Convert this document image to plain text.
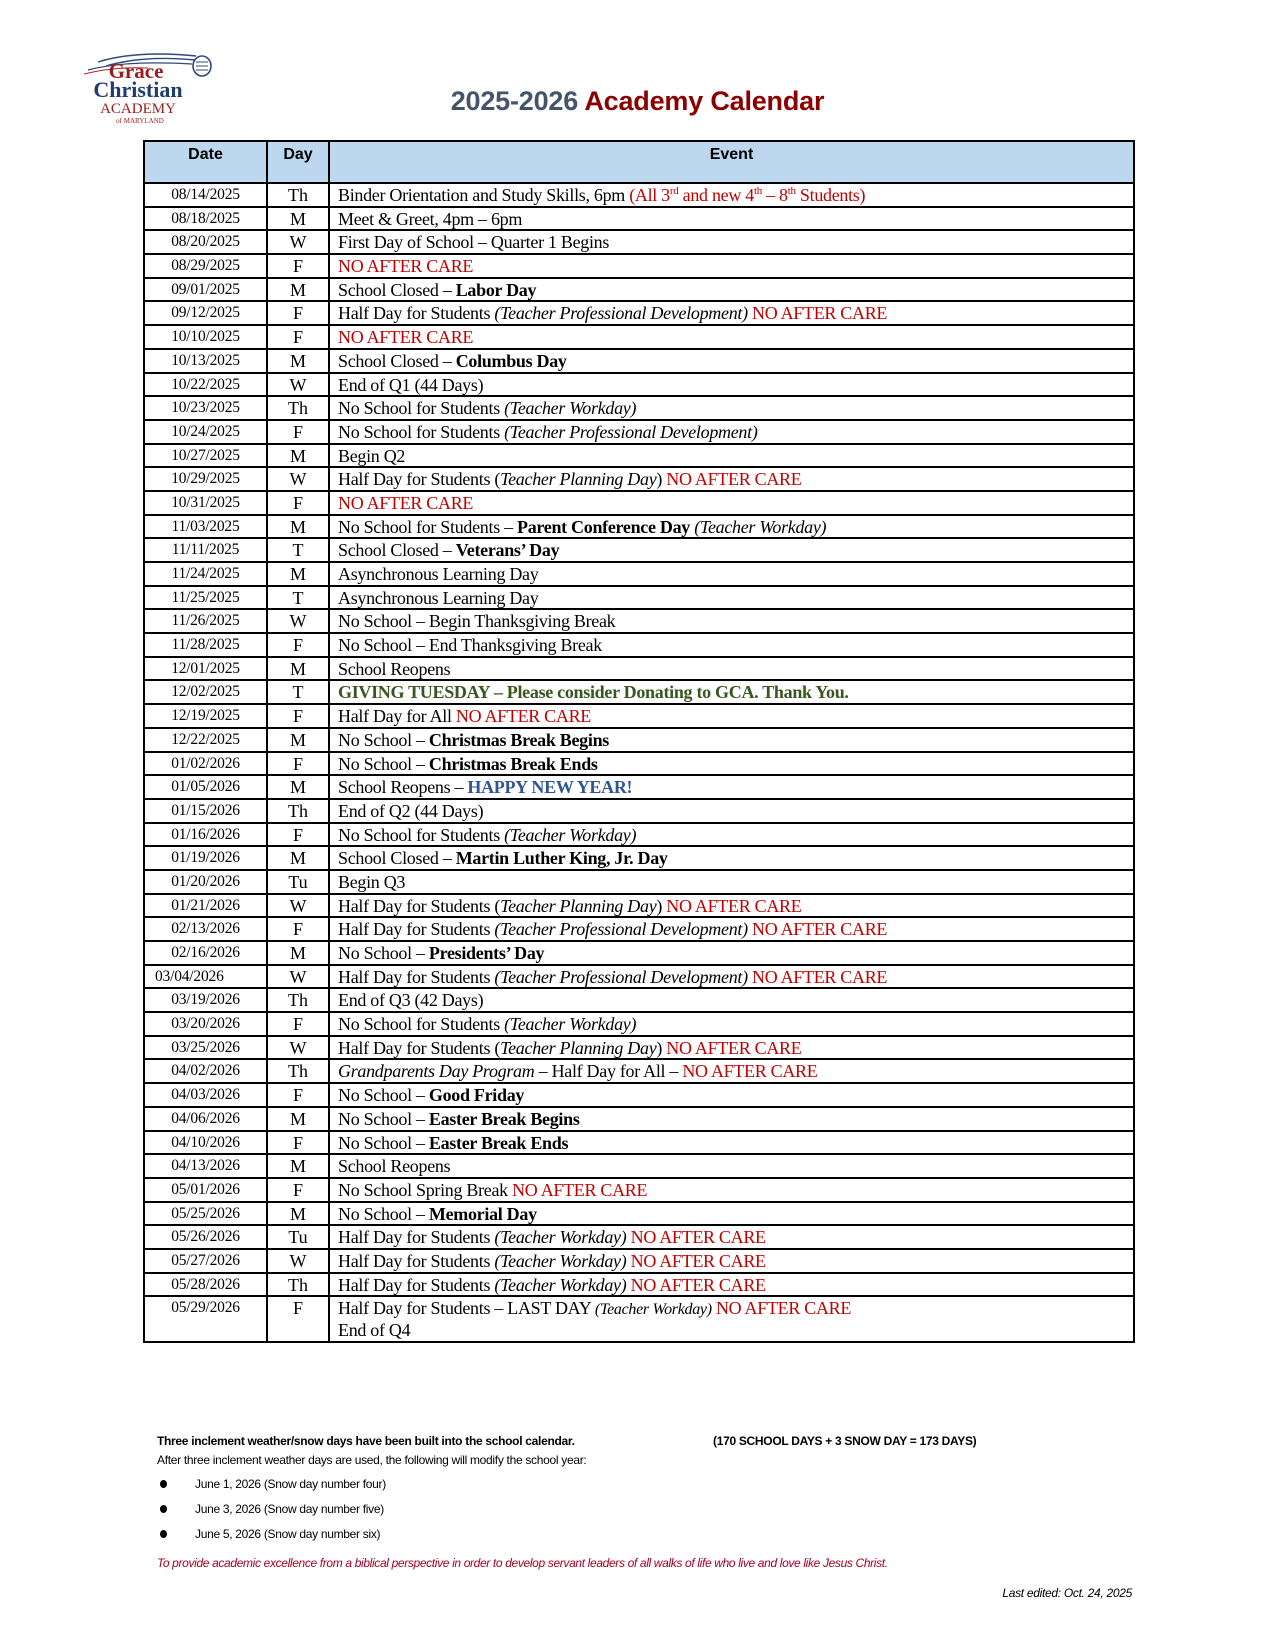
Grace
Christian
ACADEMY
of MARYLAND
2025-2026 Academy Calendar
Date	Day	Event
08/14/2025	Th	Binder Orientation and Study Skills, 6pm (All 3rd and new 4th – 8th Students)
08/18/2025	M	Meet & Greet, 4pm – 6pm
08/20/2025	W	First Day of School – Quarter 1 Begins
08/29/2025	F	NO AFTER CARE
09/01/2025	M	School Closed – Labor Day
09/12/2025	F	Half Day for Students (Teacher Professional Development) NO AFTER CARE
10/10/2025	F	NO AFTER CARE
10/13/2025	M	School Closed – Columbus Day
10/22/2025	W	End of Q1 (44 Days)
10/23/2025	Th	No School for Students (Teacher Workday)
10/24/2025	F	No School for Students (Teacher Professional Development)
10/27/2025	M	Begin Q2
10/29/2025	W	Half Day for Students (Teacher Planning Day) NO AFTER CARE
10/31/2025	F	NO AFTER CARE
11/03/2025	M	No School for Students – Parent Conference Day (Teacher Workday)
11/11/2025	T	School Closed – Veterans’ Day
11/24/2025	M	Asynchronous Learning Day
11/25/2025	T	Asynchronous Learning Day
11/26/2025	W	No School – Begin Thanksgiving Break
11/28/2025	F	No School – End Thanksgiving Break
12/01/2025	M	School Reopens
12/02/2025	T	GIVING TUESDAY – Please consider Donating to GCA. Thank You.
12/19/2025	F	Half Day for All NO AFTER CARE
12/22/2025	M	No School – Christmas Break Begins
01/02/2026	F	No School – Christmas Break Ends
01/05/2026	M	School Reopens – HAPPY NEW YEAR!
01/15/2026	Th	End of Q2 (44 Days)
01/16/2026	F	No School for Students (Teacher Workday)
01/19/2026	M	School Closed – Martin Luther King, Jr. Day
01/20/2026	Tu	Begin Q3
01/21/2026	W	Half Day for Students (Teacher Planning Day) NO AFTER CARE
02/13/2026	F	Half Day for Students (Teacher Professional Development) NO AFTER CARE
02/16/2026	M	No School – Presidents’ Day
03/04/2026	W	Half Day for Students (Teacher Professional Development) NO AFTER CARE
03/19/2026	Th	End of Q3 (42 Days)
03/20/2026	F	No School for Students (Teacher Workday)
03/25/2026	W	Half Day for Students (Teacher Planning Day) NO AFTER CARE
04/02/2026	Th	Grandparents Day Program – Half Day for All – NO AFTER CARE
04/03/2026	F	No School – Good Friday
04/06/2026	M	No School – Easter Break Begins
04/10/2026	F	No School – Easter Break Ends
04/13/2026	M	School Reopens
05/01/2026	F	No School Spring Break NO AFTER CARE
05/25/2026	M	No School – Memorial Day
05/26/2026	Tu	Half Day for Students (Teacher Workday) NO AFTER CARE
05/27/2026	W	Half Day for Students (Teacher Workday) NO AFTER CARE
05/28/2026	Th	Half Day for Students (Teacher Workday) NO AFTER CARE
05/29/2026	F	Half Day for Students – LAST DAY (Teacher Workday) NO AFTER CARE
End of Q4
Three inclement weather/snow days have been built into the school calendar.	(170 SCHOOL DAYS + 3 SNOW DAY = 173 DAYS)
After three inclement weather days are used, the following will modify the school year:
June 1, 2026 (Snow day number four)
June 3, 2026 (Snow day number five)
June 5, 2026 (Snow day number six)
To provide academic excellence from a biblical perspective in order to develop servant leaders of all walks of life who live and love like Jesus Christ.
Last edited: Oct. 24, 2025
